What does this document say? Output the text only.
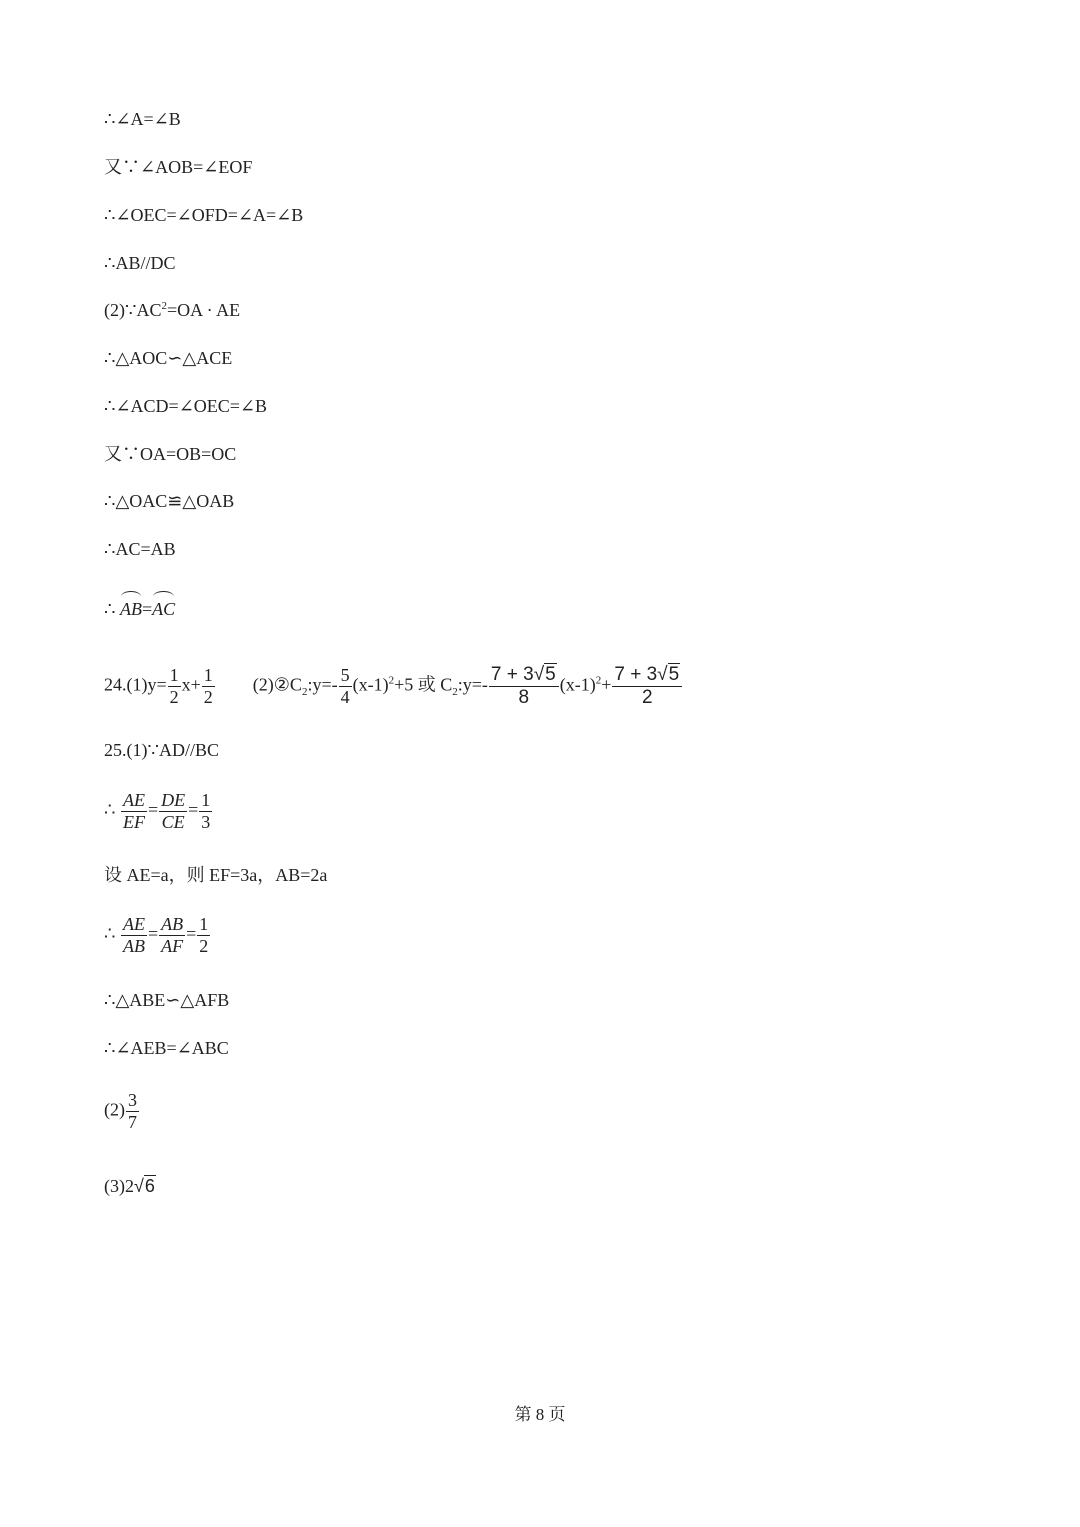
∴∠A=∠B
又∵∠AOB=∠EOF
∴∠OEC=∠OFD=∠A=∠B
∴AB//DC
$(2)\because AC^2=OA$ · AE
∴△AOC∽△ACE
∴∠ACD=∠OEC=∠B
又∵OA=OB=OC
∴△OAC≌△OAB
∴AC=AB
∴ AB=AC
$24.(1)y= \frac{1}{2} x+ \frac{1}{2}$ $(2)②C_2:y=- \frac{5}{4} (x-1)^2+5$ 或 $C_2:y=- \frac{7 + 3√5}{8} (x-1)^2+ \frac{7 + 3√5}{2}$
25.(1)∵AD//BC
∴ $\frac{AE}{EF} = \frac{DE}{CE} = \frac{1}{3}$
设 AE=a，则 EF=3a，AB=2a
∴ $\frac{AE}{AB} = \frac{AB}{AF} = \frac{1}{2}$
∴△ABE∽△AFB
∴∠AEB=∠ABC
$(2) \frac{3}{7}$
(3)2√6
第 8 页
